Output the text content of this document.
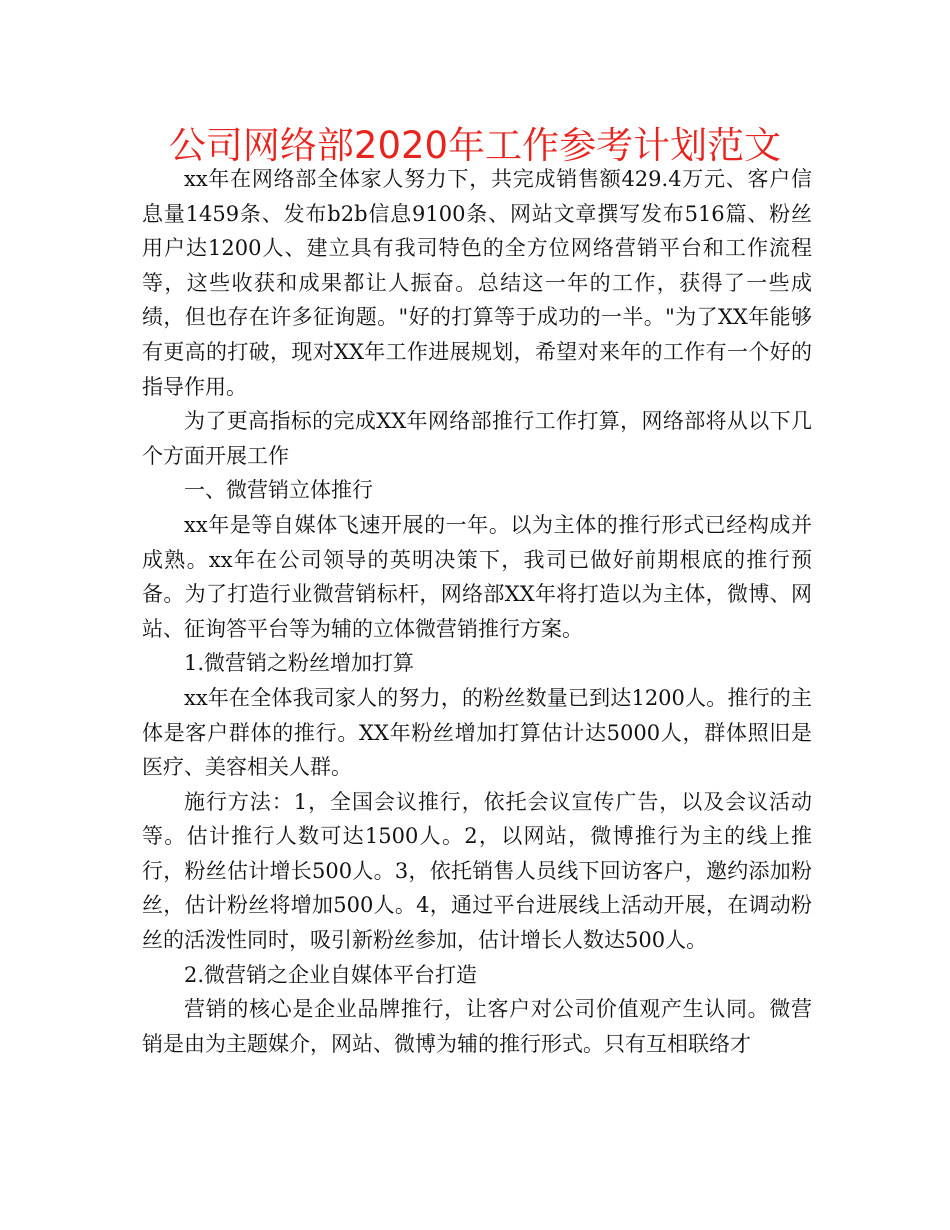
公司网络部2020年工作参考计划范文

xx年在网络部全体家人努力下，共完成销售额429.4万元、客户信息量1459条、发布b2b信息9100条、网站文章撰写发布516篇、粉丝用户达1200人、建立具有我司特色的全方位网络营销平台和工作流程等，这些收获和成果都让人振奋。总结这一年的工作，获得了一些成绩，但也存在许多征询题。"好的打算等于成功的一半。"为了XX年能够有更高的打破，现对XX年工作进展规划，希望对来年的工作有一个好的指导作用。

为了更高指标的完成XX年网络部推行工作打算，网络部将从以下几个方面开展工作

一、微营销立体推行

xx年是等自媒体飞速开展的一年。以为主体的推行形式已经构成并成熟。xx年在公司领导的英明决策下，我司已做好前期根底的推行预备。为了打造行业微营销标杆，网络部XX年将打造以为主体，微博、网站、征询答平台等为辅的立体微营销推行方案。

1.微营销之粉丝增加打算

xx年在全体我司家人的努力，的粉丝数量已到达1200人。推行的主体是客户群体的推行。XX年粉丝增加打算估计达5000人，群体照旧是医疗、美容相关人群。

施行方法：1，全国会议推行，依托会议宣传广告，以及会议活动等。估计推行人数可达1500人。2，以网站，微博推行为主的线上推行，粉丝估计增长500人。3，依托销售人员线下回访客户，邀约添加粉丝，估计粉丝将增加500人。4，通过平台进展线上活动开展，在调动粉丝的活泼性同时，吸引新粉丝参加，估计增长人数达500人。

2.微营销之企业自媒体平台打造

营销的核心是企业品牌推行，让客户对公司价值观产生认同。微营销是由为主题媒介，网站、微博为辅的推行形式。只有互相联络才
